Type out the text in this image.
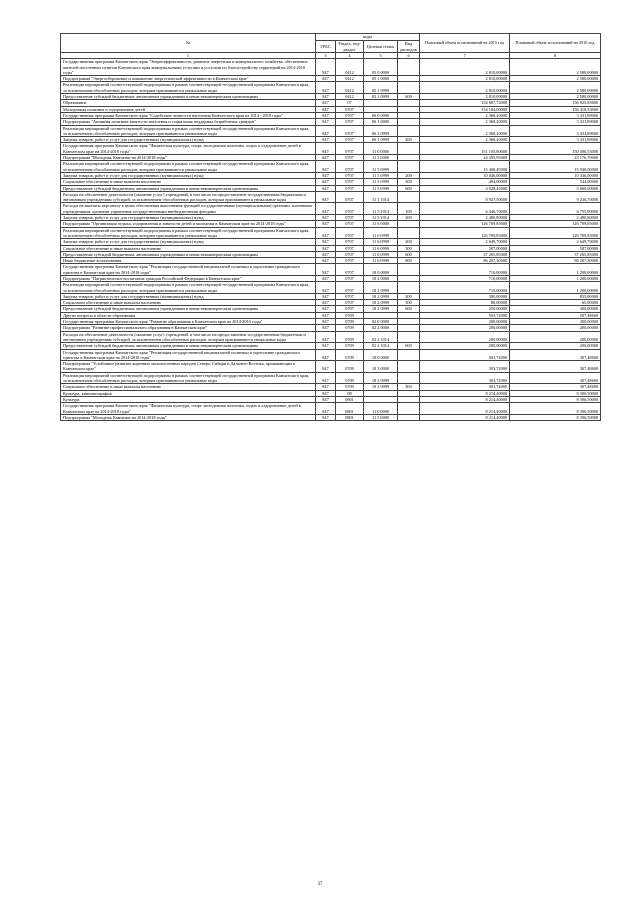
№	коды				Плановый объем ассигнований на 2015 год	Плановый объем ассигнований на 2016 год
	ГРБС	Раздел, под-раздел	Целевая статья	Вид расходов		
1	3	4	5	6	7	8
Государственная программа Камчатского края "Энергоэффективность, развитие энергетики и коммунального хозяйства, обеспечение жителей населенных пунктов Камчатского края коммунальными услугами и услугами по благоустройству территорий на 2014-2018 годы"	847	0412	05 0 0000		2 810,00000	2 580,00000
Подпрограмма "Энергосбережение и повышение энергетической эффективности в Камчатском крае"	847	0412	05 1 0000		2 810,00000	2 580,00000
Реализация мероприятий соответствующей подпрограммы в рамках соответствующей государственной программы Камчатского края, за исключением обособленных расходов, которым присваиваются уникальные коды	847	0412	05 1 0999		2 810,00000	2 580,00000
Предоставление субсидий бюджетным, автономным учреждениям и иным некоммерческим организациям	847	0412	05 1 0999	600	2 810,00000	2 580,00000
Образование	847	07			154 687,72000	156 925,85600
Молодежная политика и оздоровление детей	847	0707			154 184,00000	156 418,33000
Государственная программа Камчатского края "Содействие занятости населения Камчатского края на 2014 - 2018 годы"	847	0707	06 0 0000		2 368,20000	3 331,89000
Подпрограмма "Активная политика занятости населения и социальная поддержка безработных граждан"	847	0707	06 1 0000		2 368,20000	3 331,89000
Реализация мероприятий соответствующей подпрограммы в рамках соответствующей государственной программы Камчатского края, за исключением обособленных расходов, которым присваиваются уникальные коды	847	0707	06 1 0999		2 368,20000	3 331,89000
Закупка товаров, работ и услуг для государственных (муниципальных) нужд	847	0707	06 1 0999	200	2 368,20000	3 331,89000
Государственная программа Камчатского края "Физическая культура, спорт, молодежная политика, отдых и оздоровление детей в Камчатском крае на 2014-2018 годы"	847	0707	11 0 0000		151 105,80000	150 386,53000
Подпрограмма "Молодежь Камчатки на 2014-2018 годы"	847	0707	11 5 0000		24 395,95000	23 176,70000
Реализация мероприятий соответствующей подпрограммы в рамках соответствующей государственной программы Камчатского края, за исключением обособленных расходов, которым присваиваются уникальные коды	847	0707	11 5 0999		15 468,45000	15 940,00000
Закупка товаров, работ и услуг для государственных (муниципальных) нужд	847	0707	11 5 0999	200	10 046,00000	10 336,00000
Социальное обеспечение и иные выплаты населению	847	0707	11 5 0999	300	494,00000	544,00000
Предоставление субсидий бюджетным, автономным учреждениям и иным некоммерческим организациям	847	0707	11 5 0999	600	4 928,45000	5 060,00000
Расходы на обеспечение деятельности (оказание услуг) учреждений, в том числе на предоставление государственным бюджетным и автономным учреждениям субсидий, за исключением обособленных расходов, которым присваиваются уникальные коды	847	0707	11 5 1014		8 927,50000	9 236,70000
Расходы на выплаты персоналу в целях обеспечения выполнения функций государственными (муниципальными) органами, казенными учреждениями, органами управления государственными внебюджетными фондами	847	0707	11 5 1014	100	6 446,70000	6 755,90000
Закупка товаров, работ и услуг для государственных (муниципальных) нужд	847	0707	11 5 1014	200	2 480,80000	2 480,80000
Подпрограмма "Организация отдыха, оздоровления и занятости детей и молодежи в Камчатском крае на 2014-2018 годы"	847	0707	11 6 0000		126 709,85000	126 709,85000
Реализация мероприятий соответствующей подпрограммы в рамках соответствующей государственной программы Камчатского края, за исключением обособленных расходов, которым присваиваются уникальные коды	847	0707	11 6 0999		126 709,85000	126 709,85000
Закупка товаров, работ и услуг для государственных (муниципальных) нужд	847	0707	11 6 0999	200	2 649,70000	2 649,70000
Социальное обеспечение и иные выплаты населению	847	0707	11 6 0999	300	587,00000	587,00000
Предоставление субсидий бюджетным, автономным учреждениям и иным некоммерческим организациям	847	0707	11 6 0999	600	37 265,85000	37 265,85000
Иные бюджетные ассигнования	847	0707	11 6 0999	800	86 207,30000	86 207,30000
Государственная программа Камчатского края "Реализация государственной национальной политики и укрепление гражданского единства в Камчатском крае на 2014-2018 годы"	847	0707	18 0 0000		710,00000	1 200,00000
Подпрограмма "Патриотическое воспитание граждан Российской Федерации в Камчатском крае"	847	0707	18 2 0000		710,00000	1 200,00000
Реализация мероприятий соответствующей подпрограммы в рамках соответствующей государственной программы Камчатского края, за исключением обособленных расходов, которым присваиваются уникальные коды	847	0707	18 2 0999		710,00000	1 200,00000
Закупка товаров, работ и услуг для государственных (муниципальных) нужд	847	0707	18 2 0999	200	380,00000	835,00000
Социальное обеспечение и иные выплаты населению	847	0707	18 2 0999	300	80,00000	65,00000
Предоставление субсидий бюджетным, автономным учреждениям и иным некоммерческим организациям	847	0707	18 2 0999	600	250,00000	300,00000
Другие вопросы в области образования	847	0709			503,72000	507,48600
Государственная программа Камчатского края "Развитие образования в Камчатском крае на 2014-2016 годы"	847	0709	02 0 0000		200,00000	200,00000
Подпрограмма "Развитие профессионального образования в Камчатском крае"	847	0709	02 2 0000		200,00000	200,00000
Расходы на обеспечение деятельности (оказание услуг) учреждений, в том числе на предоставление государственным бюджетным и автономным учреждениям субсидий, за исключением обособленных расходов, которым присваиваются уникальные коды	847	0709	02 2 1014		200,00000	200,00000
Предоставление субсидий бюджетным, автономным учреждениям и иным некоммерческим организациям	847	0709	02 2 1014	600	200,00000	200,00000
Государственная программа Камчатского края "Реализация государственной национальной политики и укрепление гражданского единства в Камчатском крае на 2014-2018 годы"	847	0709	18 0 0000		303,72000	307,48600
Подпрограмма "Устойчивое развитие коренных малочисленных народов Севера, Сибири и Дальнего Востока, проживающих в Камчатском крае"	847	0709	18 3 0000		303,72000	307,48600
Реализация мероприятий соответствующей подпрограммы в рамках соответствующей государственной программы Камчатского края, за исключением обособленных расходов, которым присваиваются уникальные коды	847	0709	18 3 0999		303,72000	307,48600
Социальное обеспечение и иные выплаты населению	847	0709	18 3 0999	300	303,72000	307,48600
Культура, кинематография	847	08			8 214,40000	8 396,50000
Культура	847	0801			8 214,40000	8 396,50000
Государственная программа Камчатского края "Физическая культура, спорт, молодежная политика, отдых и оздоровление детей в Камчатском крае на 2014-2018 годы"	847	0801	11 0 0000		8 214,40000	8 396,50000
Подпрограмма "Молодежь Камчатки на 2014-2018 годы"	847	0801	11 5 0000		8 214,40000	8 396,50000
37
